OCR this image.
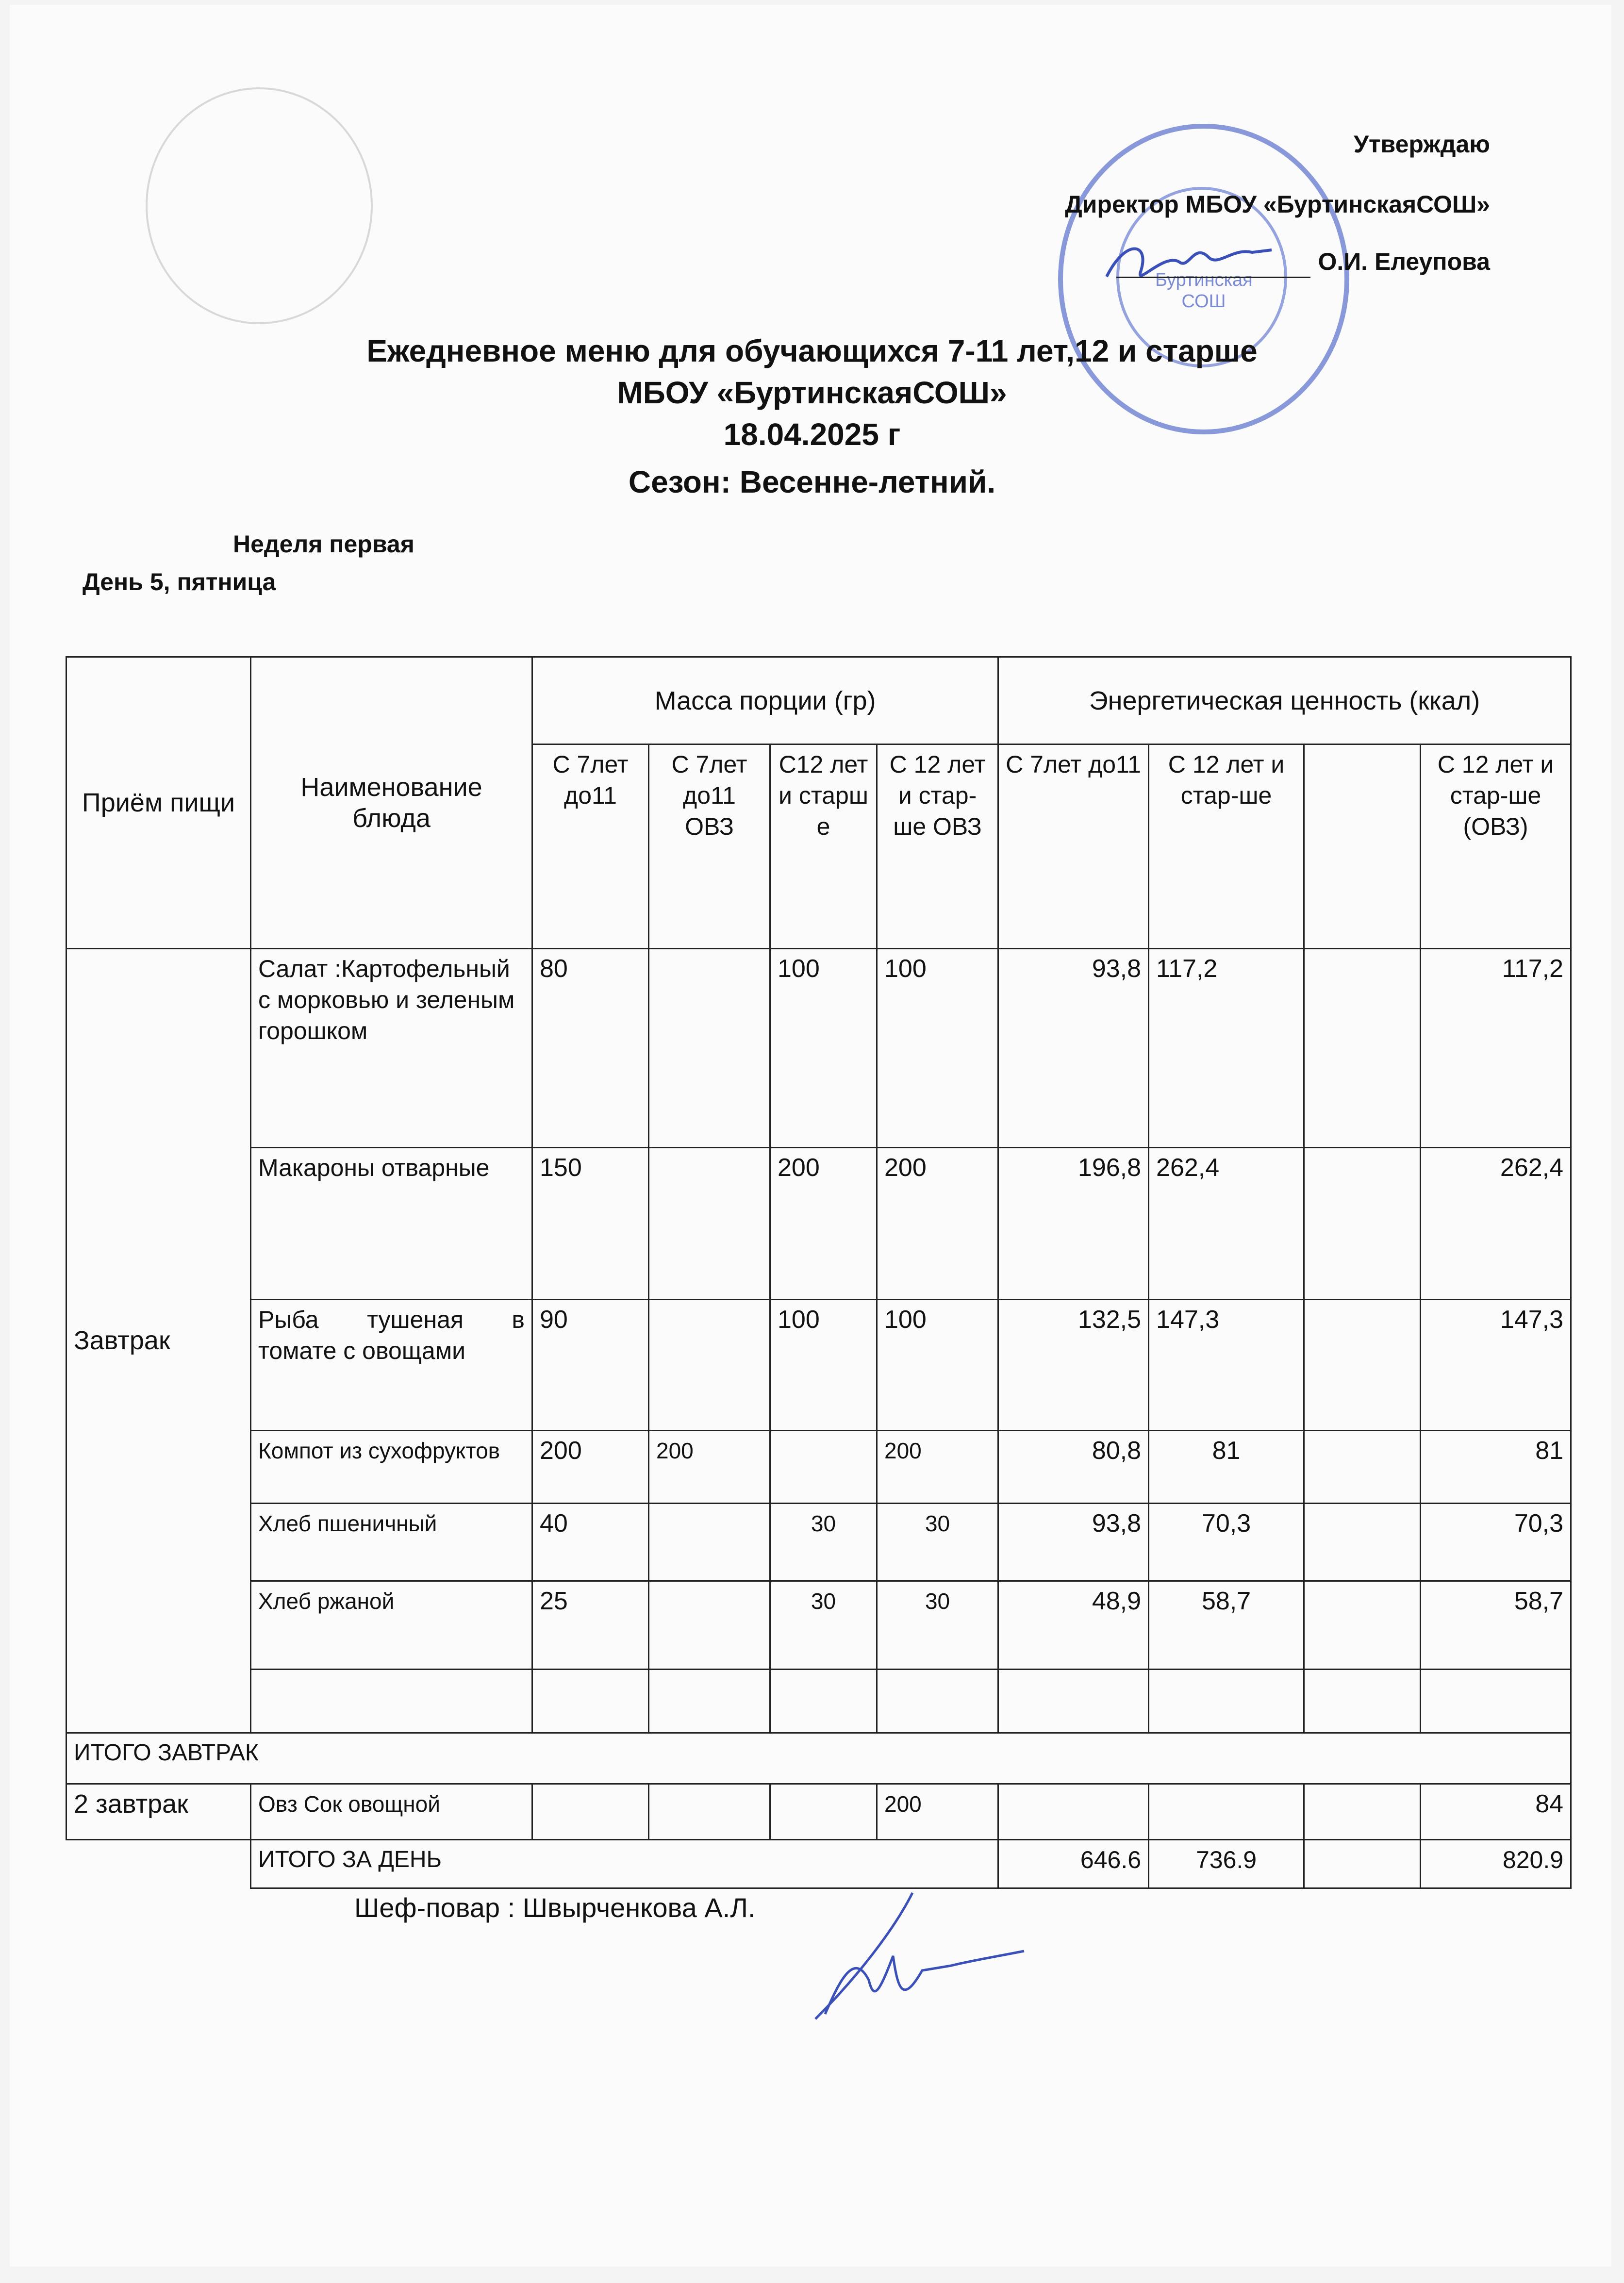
Буртинская СОШ
Утверждаю
Директор МБОУ «БуртинскаяСОШ»
О.И. Елеупова
Ежедневное меню для обучающихся 7-11 лет,12 и старше
МБОУ «БуртинскаяСОШ»
18.04.2025 г
Сезон: Весенне-летний.
Неделя первая
День 5, пятница
Приём пищи	Наименование блюда	Масса порции (гр)				Энергетическая ценность (ккал)			
		С 7лет до11	С 7лет до11 ОВЗ	С12 лет и старш е	С 12 лет и стар-ше ОВЗ	С 7лет до11	С 12 лет и стар-ше		С 12 лет и стар-ше (ОВЗ)
Завтрак	Салат :Картофельный с морковью и зеленым горошком	80		100	100	93,8	117,2		117,2
	Макароны отварные	150		200	200	196,8	262,4		262,4
	Рыба тушеная в томате с овощами	90		100	100	132,5	147,3		147,3
	Компот из сухофруктов	200	200		200	80,8	81		81
	Хлеб пшеничный	40		30	30	93,8	70,3		70,3
	Хлеб ржаной	25		30	30	48,9	58,7		58,7

ИТОГО ЗАВТРАК									
2 завтрак	Овз Сок овощной				200				84
	ИТОГО ЗА ДЕНЬ					646.6	736.9		820.9
Шеф-повар : Швырченкова А.Л.
